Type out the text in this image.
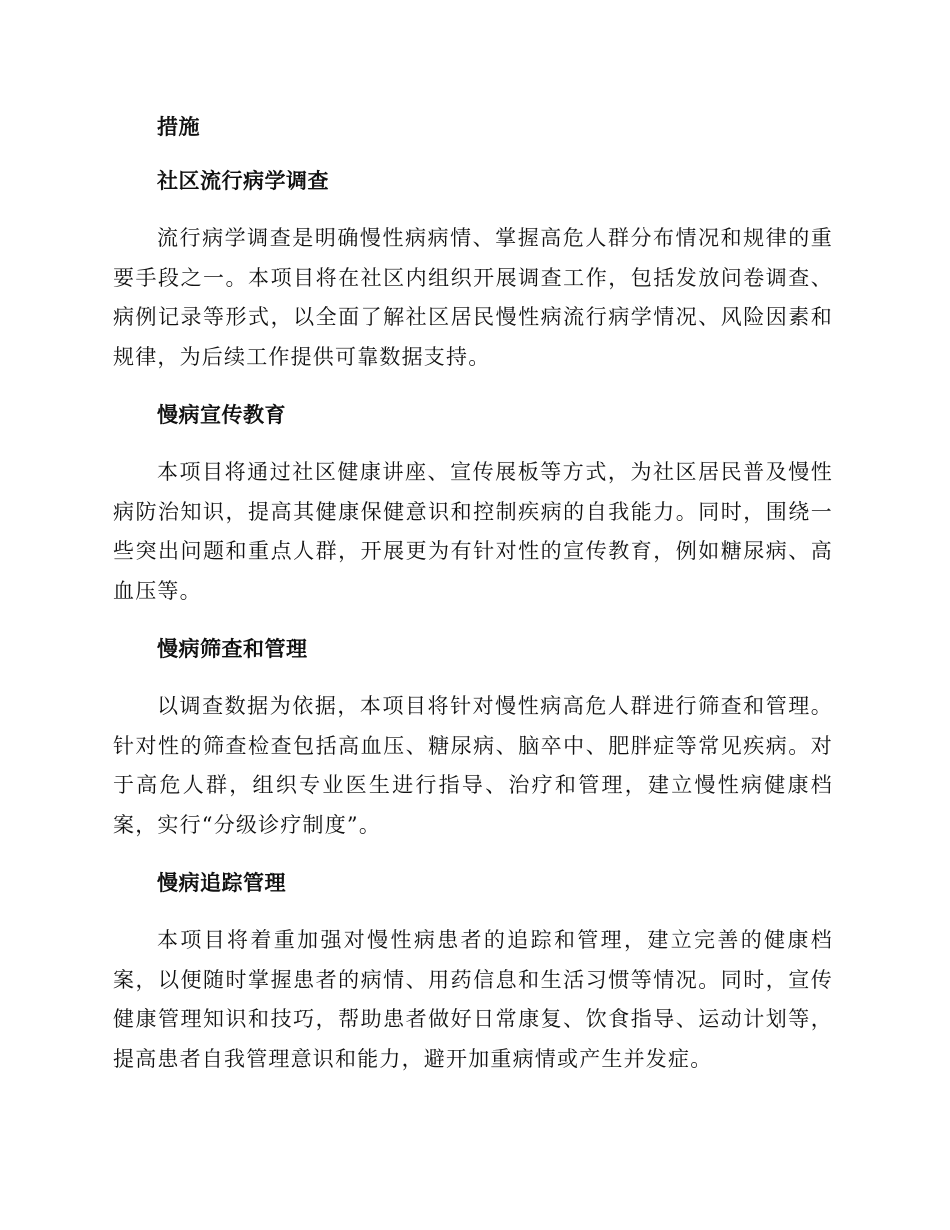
措施
社区流行病学调查

流行病学调查是明确慢性病病情、掌握高危人群分布情况和规律的重要手段之一。本项目将在社区内组织开展调查工作，包括发放问卷调查、病例记录等形式，以全面了解社区居民慢性病流行病学情况、风险因素和规律，为后续工作提供可靠数据支持。

慢病宣传教育

本项目将通过社区健康讲座、宣传展板等方式，为社区居民普及慢性病防治知识，提高其健康保健意识和控制疾病的自我能力。同时，围绕一些突出问题和重点人群，开展更为有针对性的宣传教育，例如糖尿病、高血压等。

慢病筛查和管理

以调查数据为依据，本项目将针对慢性病高危人群进行筛查和管理。针对性的筛查检查包括高血压、糖尿病、脑卒中、肥胖症等常见疾病。对于高危人群，组织专业医生进行指导、治疗和管理，建立慢性病健康档案，实行“分级诊疗制度”。

慢病追踪管理

本项目将着重加强对慢性病患者的追踪和管理，建立完善的健康档案，以便随时掌握患者的病情、用药信息和生活习惯等情况。同时，宣传健康管理知识和技巧，帮助患者做好日常康复、饮食指导、运动计划等，提高患者自我管理意识和能力，避开加重病情或产生并发症。
